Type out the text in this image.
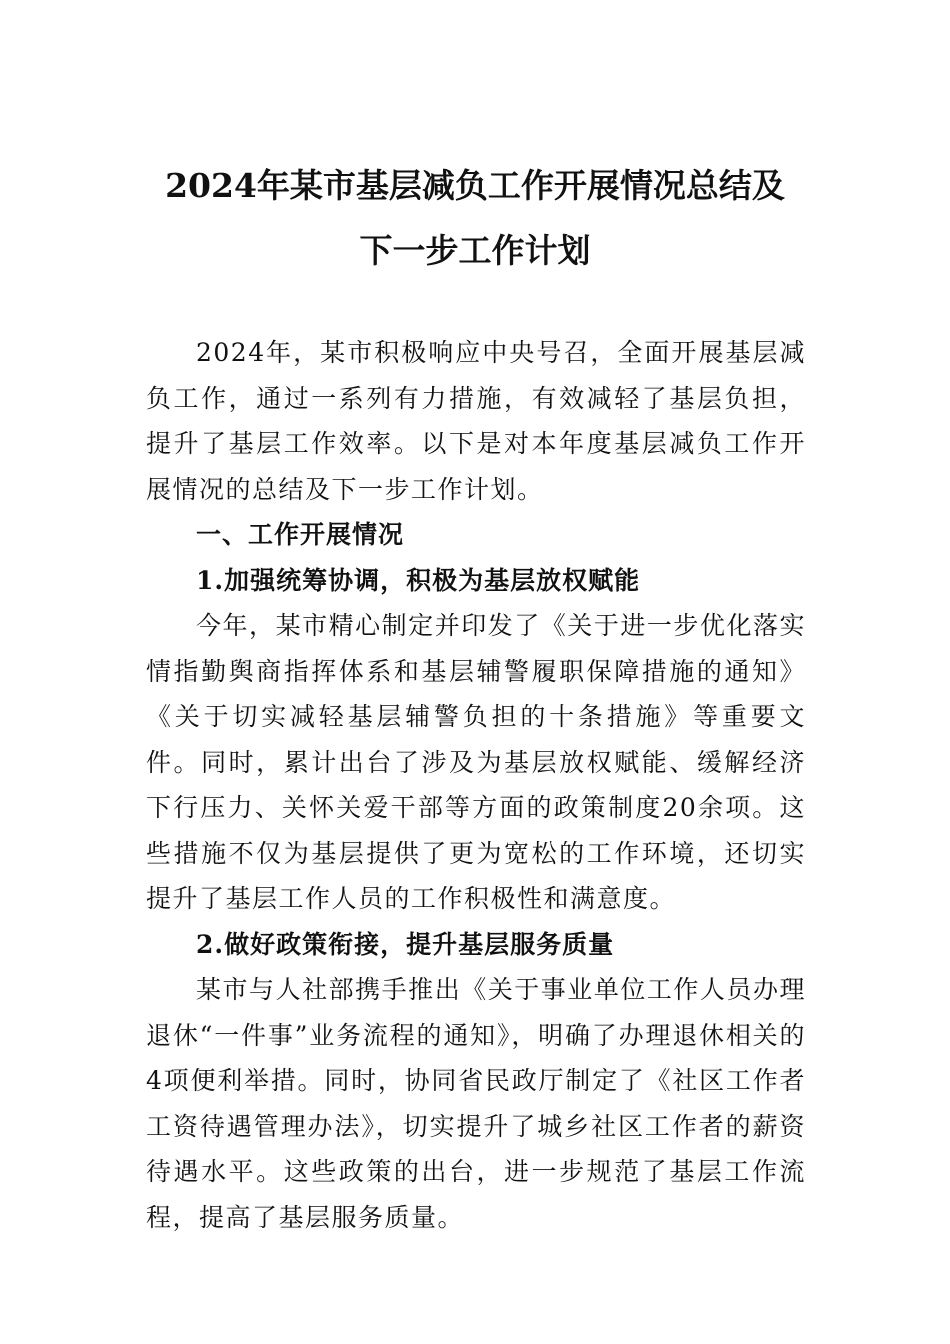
2024年某市基层减负工作开展情况总结及
下一步工作计划

2024年，某市积极响应中央号召，全面开展基层减负工作，通过一系列有力措施，有效减轻了基层负担，提升了基层工作效率。以下是对本年度基层减负工作开展情况的总结及下一步工作计划。

一、工作开展情况

1.加强统筹协调，积极为基层放权赋能

今年，某市精心制定并印发了《关于进一步优化落实情指勤舆商指挥体系和基层辅警履职保障措施的通知》《关于切实减轻基层辅警负担的十条措施》等重要文件。同时，累计出台了涉及为基层放权赋能、缓解经济下行压力、关怀关爱干部等方面的政策制度20余项。这些措施不仅为基层提供了更为宽松的工作环境，还切实提升了基层工作人员的工作积极性和满意度。

2.做好政策衔接，提升基层服务质量

某市与人社部携手推出《关于事业单位工作人员办理退休“一件事”业务流程的通知》，明确了办理退休相关的4项便利举措。同时，协同省民政厅制定了《社区工作者工资待遇管理办法》，切实提升了城乡社区工作者的薪资待遇水平。这些政策的出台，进一步规范了基层工作流程，提高了基层服务质量。
